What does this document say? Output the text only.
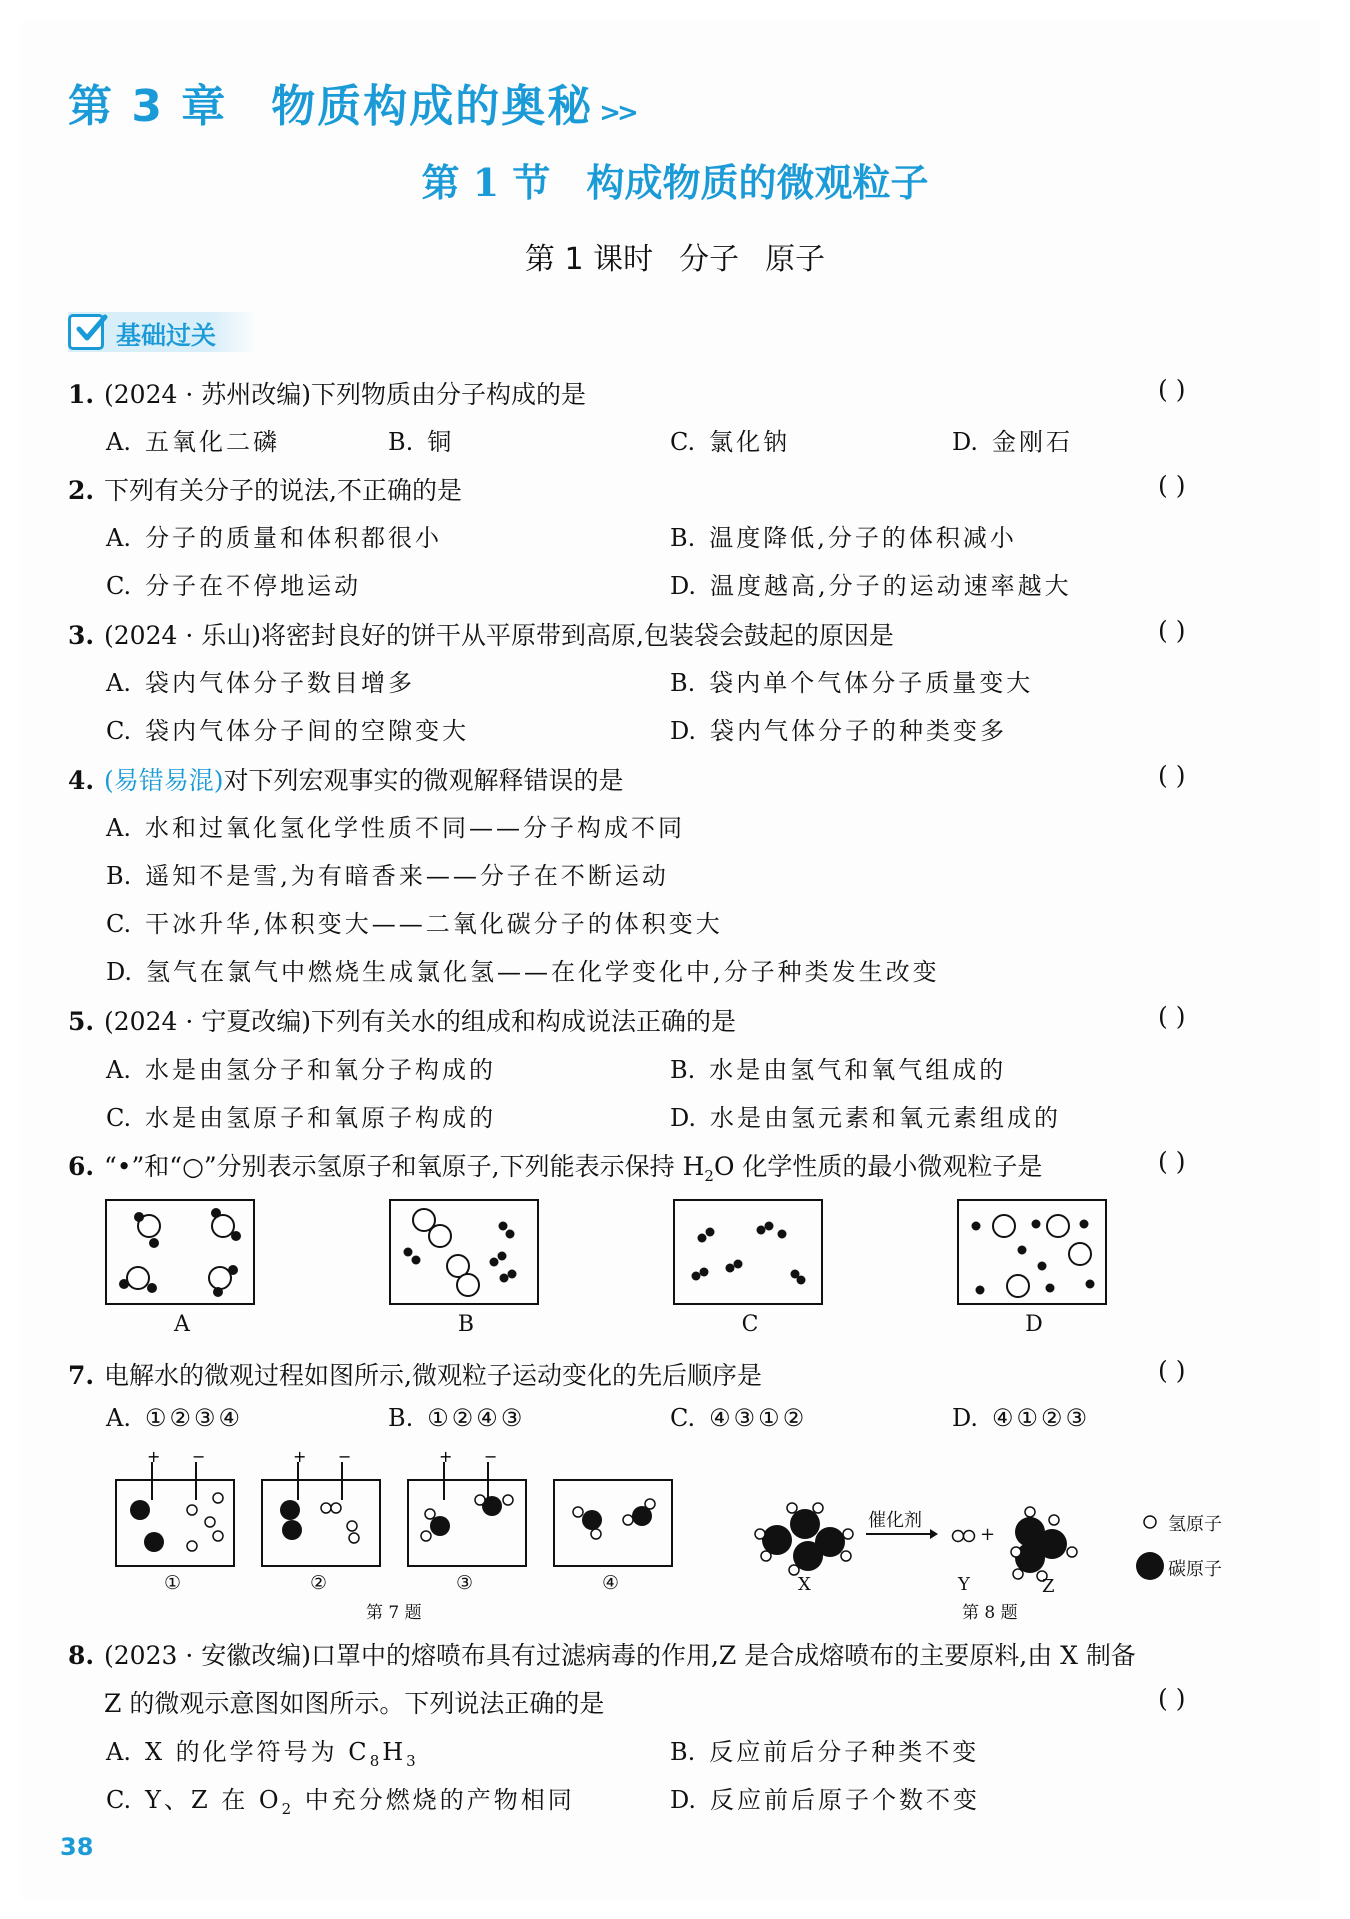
第 3 章 物质构成的奥秘 >>
第 1 节 构成物质的微观粒子
第 1 课时 分子 原子
基础过关
1. (2024 · 苏州改编)下列物质由分子构成的是	( )
A. 五氧化二磷	B. 铜	C. 氯化钠	D. 金刚石
2. 下列有关分子的说法,不正确的是	( )
A. 分子的质量和体积都很小	B. 温度降低,分子的体积减小
C. 分子在不停地运动	D. 温度越高,分子的运动速率越大
3. (2024 · 乐山)将密封良好的饼干从平原带到高原,包装袋会鼓起的原因是	( )
A. 袋内气体分子数目增多	B. 袋内单个气体分子质量变大
C. 袋内气体分子间的空隙变大	D. 袋内气体分子的种类变多
4. (易错易混)对下列宏观事实的微观解释错误的是	( )
A. 水和过氧化氢化学性质不同——分子构成不同
B. 遥知不是雪,为有暗香来——分子在不断运动
C. 干冰升华,体积变大——二氧化碳分子的体积变大
D. 氢气在氯气中燃烧生成氯化氢——在化学变化中,分子种类发生改变
5. (2024 · 宁夏改编)下列有关水的组成和构成说法正确的是	( )
A. 水是由氢分子和氧分子构成的	B. 水是由氢气和氧气组成的
C. 水是由氢原子和氧原子构成的	D. 水是由氢元素和氧元素组成的
6. “•”和“○”分别表示氢原子和氧原子,下列能表示保持 $H_2O$ 化学性质的最小微观粒子是	( )
+ −	+ −	+ −
A	B	C	D
7. 电解水的微观过程如图所示,微观粒子运动变化的先后顺序是	( )
A. ①②③④	B. ①②④③	C. ④③①②	D. ④①②③
①	②	③	④
第 7 题
催化剂
+
X	Y	Z
氢原子
碳原子
第 8 题
8. (2023 · 安徽改编)口罩中的熔喷布具有过滤病毒的作用,Z 是合成熔喷布的主要原料,由 X 制备
Z 的微观示意图如图所示。下列说法正确的是	( )
A. X 的化学符号为 $C_8H_3$	B. 反应前后分子种类不变
C. Y、Z 在 $O_2$ 中充分燃烧的产物相同	D. 反应前后原子个数不变
38
